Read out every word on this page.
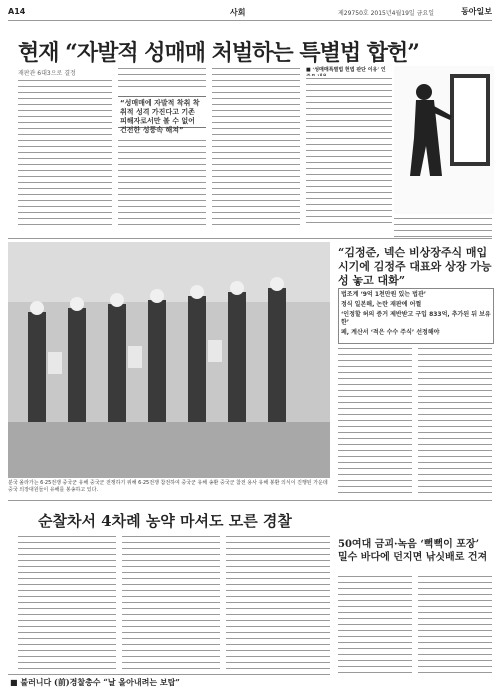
A14	사회	제29750호 2015년4월19일 금요일	동아일보
현재 “자발적 성매매 처벌하는 특별법 합헌”
재판관 6대3으로 결정
“성매매에 자발적 착취 착취적 성격 가진다고 기존 피해자로서만 볼 수 없어 건전한 성풍속 해쳐”
■ ‘성매매특별법 헌법 판단 이유’ 인
분국 올라가는 6·25전쟁 중국군 유해 중국군 전쟁하기 위해 6·25전쟁 참전하여 중국군 유해 송환 중국군 참전 용사 유해 봉환 의식이 진행된 가운데 중국 의장대원들이 유해를 봉송하고 있다.
“김정준, 넥슨 비상장주식 매입 시기에 김정주 대표와 상장 가능성 놓고 대화”
법조계 ‘9억 1천만원 있는 법관’
정식 일본해, 논란 재판에 어쩔
‘인정할 허의 증거 제반받고 구입 833억, 추가된 뒤 보유한’
페, 계산서 ‘적은 수수 주식’ 선정해야
순찰차서 4차례 농약 마셔도 모른 경찰
50여대 금괴·녹음 ‘뻑뻑이 포장’ 밀수 바다에 던지면 낚싯배로 건져
■ 불러니다 (前)경찰총수 “날 올아내려는 보탑”
